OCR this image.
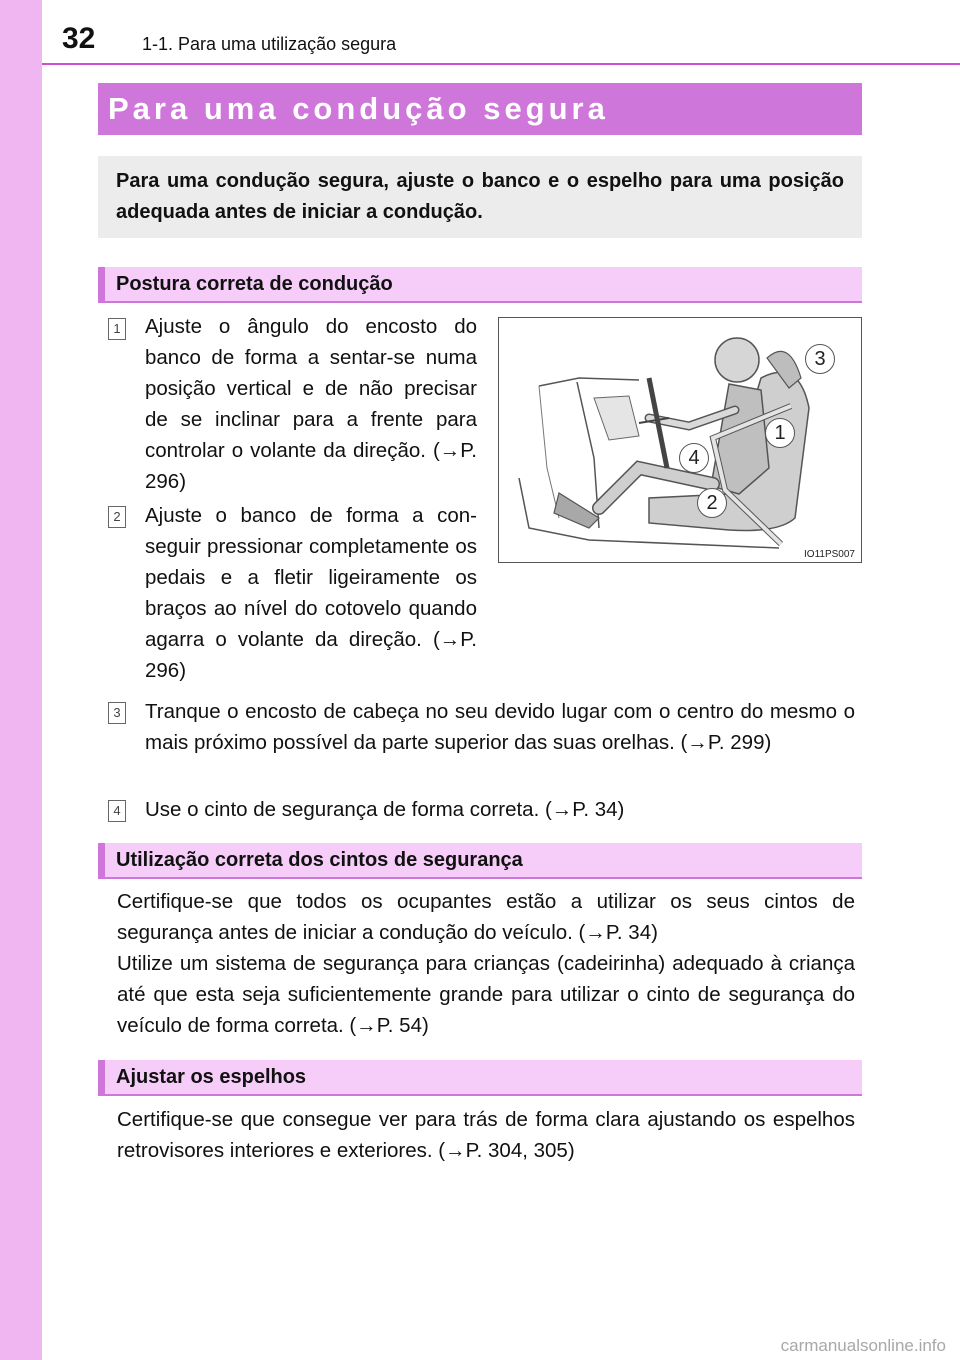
32	1-1. Para uma utilização segura
Para uma condução segura
Para uma condução segura, ajuste o banco e o espelho para uma posição adequada antes de iniciar a condução.
Postura correta de condução
1 Ajuste o ângulo do encosto do banco de forma a sentar-se numa posição vertical e de não precisar de se inclinar para a frente para controlar o volante da direção. (→P. 296)
2 Ajuste o banco de forma a conseguir pressionar completamente os pedais e a fletir ligeiramente os braços ao nível do cotovelo quando agarra o volante da direção. (→P. 296)
3
1
4
2
IO11PS007
3 Tranque o encosto de cabeça no seu devido lugar com o centro do mesmo o mais próximo possível da parte superior das suas orelhas. (→P. 299)
4 Use o cinto de segurança de forma correta. (→P. 34)
Utilização correta dos cintos de segurança
Certifique-se que todos os ocupantes estão a utilizar os seus cintos de segurança antes de iniciar a condução do veículo. (→P. 34)
Utilize um sistema de segurança para crianças (cadeirinha) adequado à criança até que esta seja suficientemente grande para utilizar o cinto de segurança do veículo de forma correta. (→P. 54)
Ajustar os espelhos
Certifique-se que consegue ver para trás de forma clara ajustando os espelhos retrovisores interiores e exteriores. (→P. 304, 305)
carmanualsonline.info
